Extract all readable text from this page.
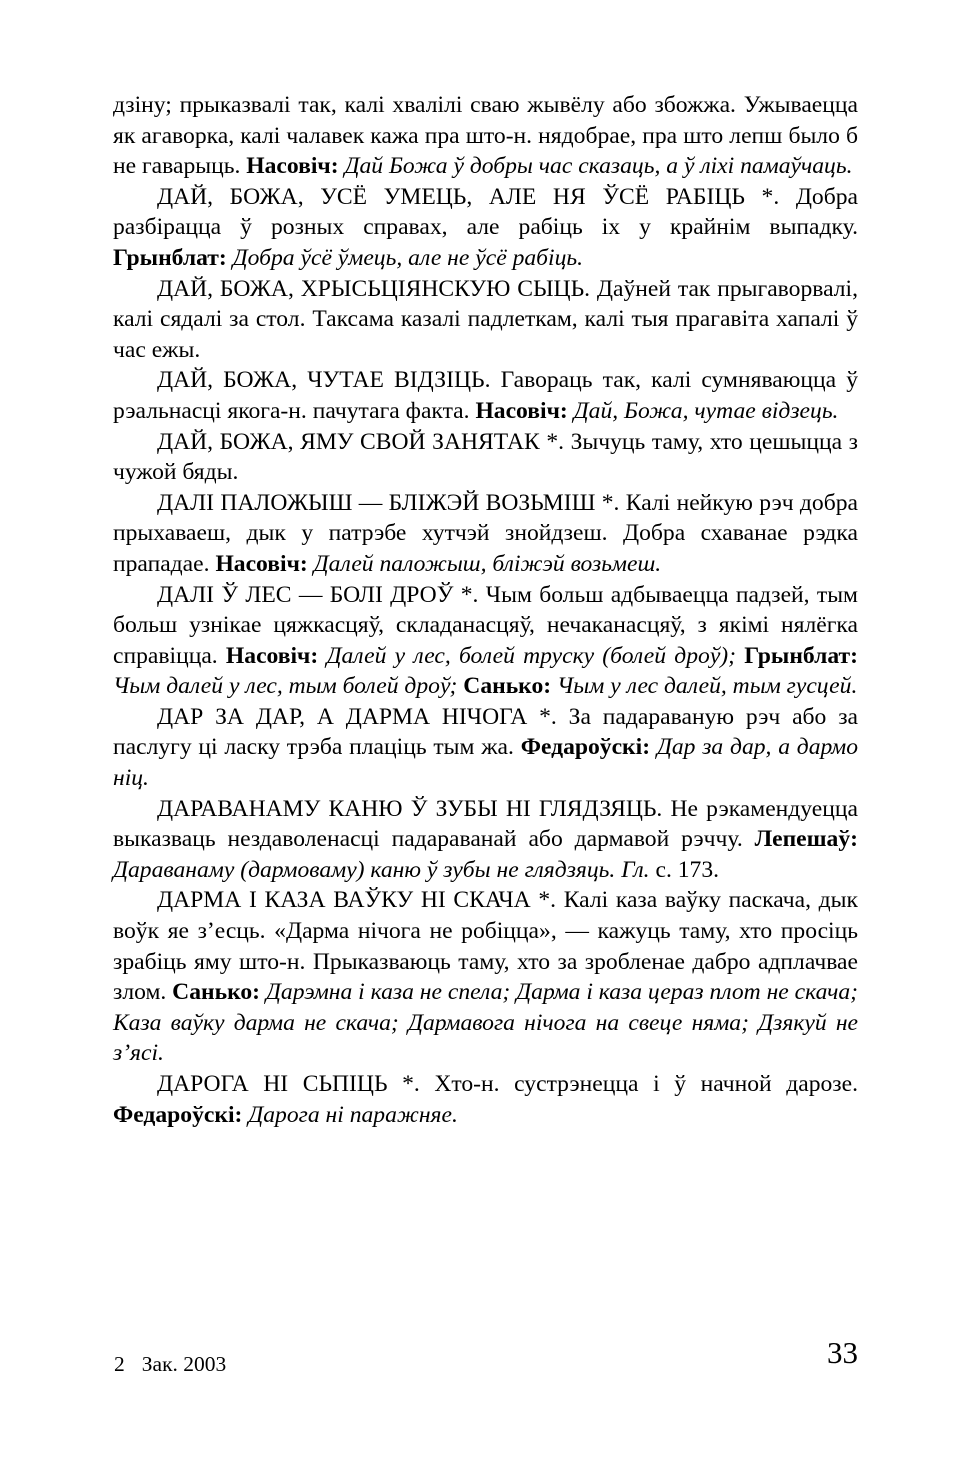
дзіну; прыказвалі так, калі хвалілі сваю жывёлу або збожжа. Ужываецца як агаворка, калі чалавек кажа пра што-н. нядобрае, пра што лепш было б не гаварыць. Насовіч: Дай Божа ў добры час сказаць, а ў ліхі памаўчаць.

ДАЙ, БОЖА, УСЁ УМЕЦЬ, АЛЕ НЯ ЎСЁ РАБІЦЬ *. Добра разбірацца ў розных справах, але рабіць іх у крайнім выпадку. Грынблат: Добра ўсё ўмець, але не ўсё рабіць.

ДАЙ, БОЖА, ХРЫСЬЦІЯНСКУЮ СЫЦЬ. Даўней так прыгаворвалі, калі сядалі за стол. Таксама казалі падлеткам, калі тыя прагавіта хапалі ў час ежы.

ДАЙ, БОЖА, ЧУТАЕ ВІДЗІЦЬ. Гавораць так, калі сумняваюцца ў рэальнасці якога-н. пачутага факта. Насовіч: Дай, Божа, чутае відзець.

ДАЙ, БОЖА, ЯМУ СВОЙ ЗАНЯТАК *. Зычуць таму, хто цешыцца з чужой бяды.

ДАЛІ ПАЛОЖЫШ — БЛІЖЭЙ ВОЗЬМІШ *. Калі нейкую рэч добра прыхаваеш, дык у патрэбе хутчэй знойдзеш. Добра схаванае рэдка прападае. Насовіч: Далей паложыш, бліжэй возьмеш.

ДАЛІ Ў ЛЕС — БОЛІ ДРОЎ *. Чым больш адбываецца падзей, тым больш узнікае цяжкасцяў, складанасцяў, нечаканасцяў, з якімі нялёгка справіцца. Насовіч: Далей у лес, болей труску (болей дроў); Грынблат: Чым далей у лес, тым болей дроў; Санько: Чым у лес далей, тым гусцей.

ДАР ЗА ДАР, А ДАРМА НІЧОГА *. За падараваную рэч або за паслугу ці ласку трэба плаціць тым жа. Федароўскі: Дар за дар, а дармо ніц.

ДАРАВАНАМУ КАНЮ Ў ЗУБЫ НІ ГЛЯДЗЯЦЬ. Не рэкамендуецца выказваць нездаволенасці падараванай або дармавой рэччу. Лепешаў: Дараванаму (дармоваму) каню ў зубы не глядзяць. Гл. с. 173.

ДАРМА І КАЗА ВАЎКУ НІ СКАЧА *. Калі каза ваўку паскача, дык воўк яе з’есць. «Дарма нічога не робіцца», — кажуць таму, хто просіць зрабіць яму што-н. Прыказваюць таму, хто за зробленае дабро адплачвае злом. Санько: Дарэмна і каза не спела; Дарма і каза цераз плот не скача; Каза ваўку дарма не скача; Дармавога нічога на свеце няма; Дзякуй не з’ясі.

ДАРОГА НІ СЬПІЦЬ *. Хто-н. сустрэнецца і ў начной дарозе. Федароўскі: Дарога ні паражняе.

2 Зак. 2003	33
